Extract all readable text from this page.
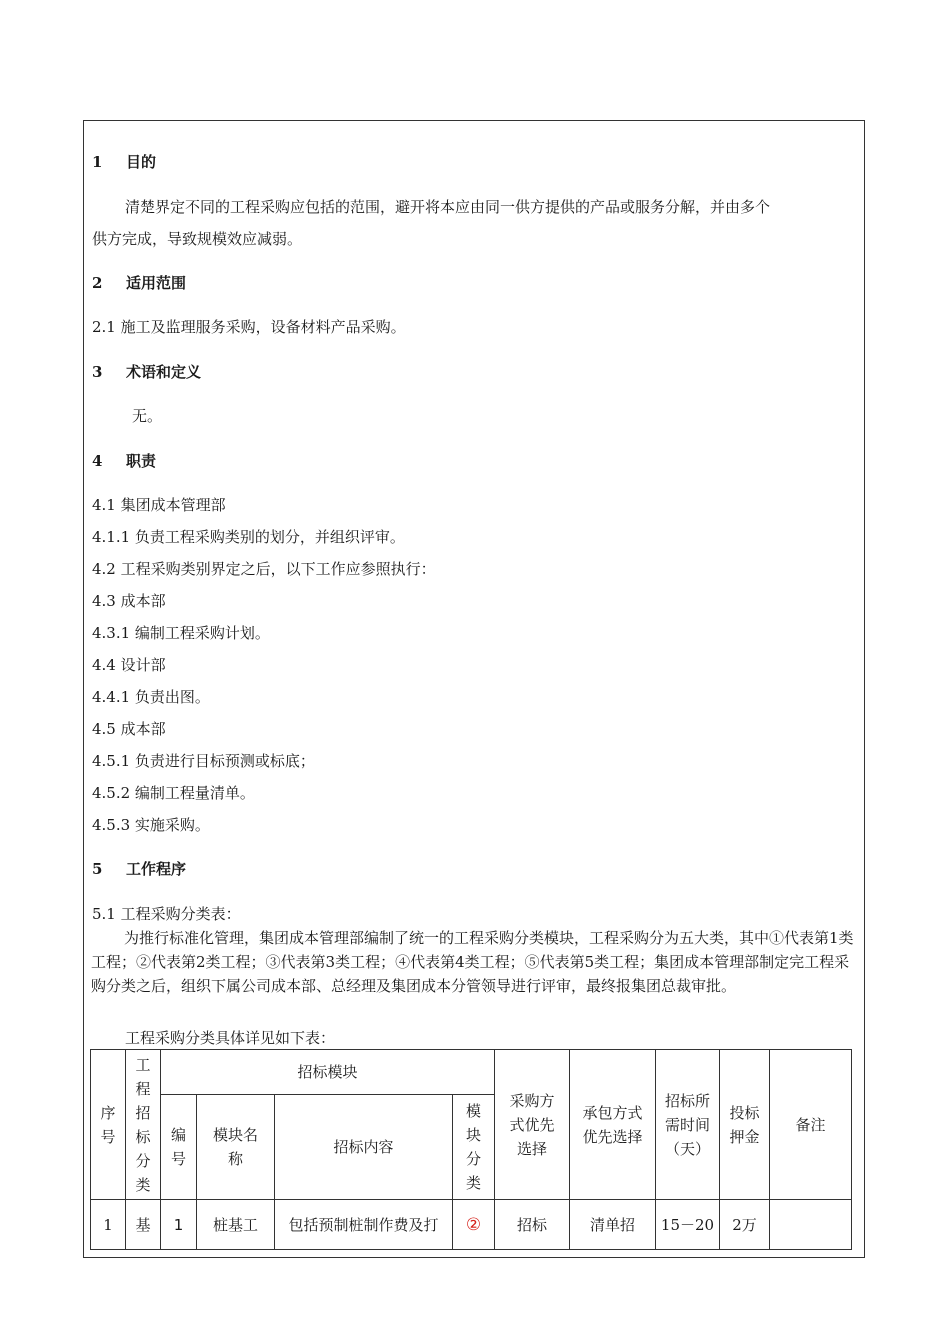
1 目的
清楚界定不同的工程采购应包括的范围，避开将本应由同一供方提供的产品或服务分解，并由多个
供方完成，导致规模效应减弱。
2 适用范围
2.1 施工及监理服务采购，设备材料产品采购。
3 术语和定义
无。
4 职责
4.1 集团成本管理部
4.1.1 负责工程采购类别的划分，并组织评审。
4.2 工程采购类别界定之后，以下工作应参照执行：
4.3 成本部
4.3.1 编制工程采购计划。
4.4 设计部
4.4.1 负责出图。
4.5 成本部
4.5.1 负责进行目标预测或标底；
4.5.2 编制工程量清单。
4.5.3 实施采购。
5 工作程序
5.1 工程采购分类表：
为推行标准化管理，集团成本管理部编制了统一的工程采购分类模块，工程采购分为五大类，其中①代表第1类工程；②代表第2类工程；③代表第3类工程；④代表第4类工程；⑤代表第5类工程；集团成本管理部制定完工程采购分类之后，组织下属公司成本部、总经理及集团成本分管领导进行评审，最终报集团总裁审批。
工程采购分类具体详见如下表：
序号	工程招标分类	招标模块				采购方式优先选择	承包方式优先选择	招标所需时间（天）	投标押金	备注
		编号	模块名称	招标内容	模块分类					
1	基	1	桩基工	包括预制桩制作费及打	②	招标	清单招	15－20	2万	
